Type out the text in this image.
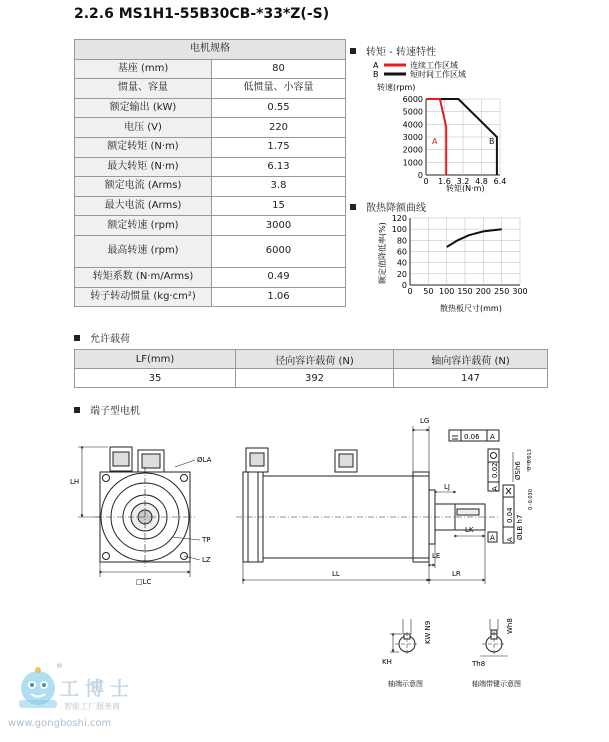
2.2.6 MS1H1-55B30CB-*33*Z(-S)
电机规格	
基座 (mm)	80
惯量、容量	低惯量、小容量
额定输出 (kW)	0.55
电压 (V)	220
额定转矩 (N·m)	1.75
最大转矩 (N·m)	6.13
额定电流 (Arms)	3.8
最大电流 (Arms)	15
额定转速 (rpm)	3000
最高转速 (rpm)	6000
转矩系数 (N·m/Arms)	0.49
转子转动惯量 (kg·cm²)	1.06
转矩 - 转速特性
A	连续工作区域
B	短时间工作区域
转速(rpm)
0
1000
2000
3000
4000
5000
6000
0 1.6 3.2 4.8 6.4
A	B
转矩(N·m)
散热降额曲线
额定值降低率(%)
0
20
40
60
80
100
120
0 50 100 150 200 250 300
散热板尺寸(mm)
允许载荷
LF(mm)	径向容许载荷 (N)	轴向容许载荷 (N)
35	392	147
端子型电机
LH
ØLA
TP
LZ
□LC
LG
LJ
LK
LL
LE
LR
0.06 A
0.02
A
0.04
A
A
ØSh6
0 -0.013
ØLB h7
0 -0.030
KW N9
KH
轴端示意图
Wh8
Th8
轴端带键示意图
®
工博士
智能工厂服务商
www.gongboshi.com
